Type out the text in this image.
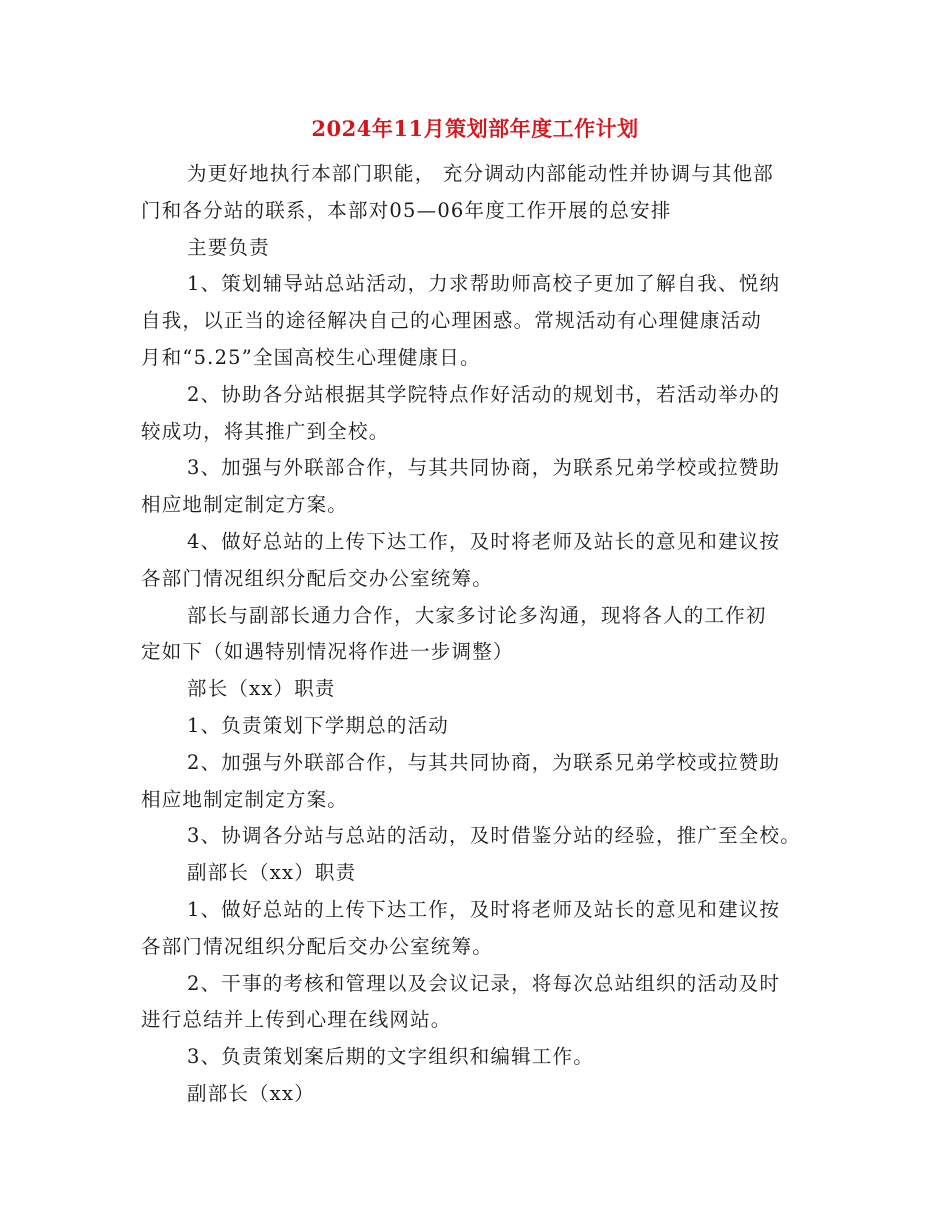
2024年11月策划部年度工作计划

为更好地执行本部门职能， 充分调动内部能动性并协调与其他部
门和各分站的联系，本部对05—06年度工作开展的总安排

主要负责

1、策划辅导站总站活动，力求帮助师高校子更加了解自我、悦纳
自我，以正当的途径解决自己的心理困惑。常规活动有心理健康活动
月和“5.25”全国高校生心理健康日。

2、协助各分站根据其学院特点作好活动的规划书，若活动举办的
较成功，将其推广到全校。

3、加强与外联部合作，与其共同协商，为联系兄弟学校或拉赞助
相应地制定制定方案。

4、做好总站的上传下达工作，及时将老师及站长的意见和建议按
各部门情况组织分配后交办公室统筹。

部长与副部长通力合作，大家多讨论多沟通，现将各人的工作初
定如下（如遇特别情况将作进一步调整）

部长（xx）职责

1、负责策划下学期总的活动

2、加强与外联部合作，与其共同协商，为联系兄弟学校或拉赞助
相应地制定制定方案。

3、协调各分站与总站的活动，及时借鉴分站的经验，推广至全校。

副部长（xx）职责

1、做好总站的上传下达工作，及时将老师及站长的意见和建议按
各部门情况组织分配后交办公室统筹。

2、干事的考核和管理以及会议记录，将每次总站组织的活动及时
进行总结并上传到心理在线网站。

3、负责策划案后期的文字组织和编辑工作。

副部长（xx）
